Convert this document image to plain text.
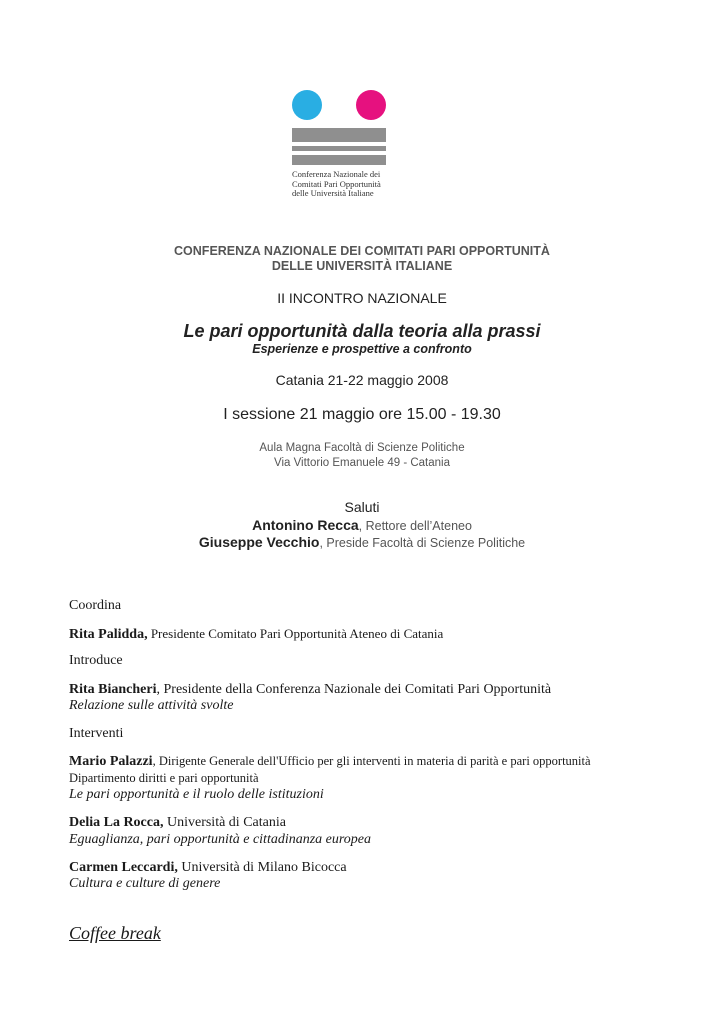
Conferenza Nazionale dei
Comitati Pari Opportunità
delle Università Italiane
CONFERENZA NAZIONALE DEI COMITATI PARI OPPORTUNITÀ
DELLE UNIVERSITÀ ITALIANE
II INCONTRO NAZIONALE
Le pari opportunità dalla teoria alla prassi
Esperienze e prospettive a confronto
Catania 21-22 maggio 2008
I sessione 21 maggio ore 15.00 - 19.30
Aula Magna Facoltà di Scienze Politiche
Via Vittorio Emanuele 49 - Catania
Saluti
Antonino Recca, Rettore dell’Ateneo
Giuseppe Vecchio, Preside Facoltà di Scienze Politiche
Coordina
Rita Palidda, Presidente Comitato Pari Opportunità Ateneo di Catania
Introduce
Rita Biancheri, Presidente della Conferenza Nazionale dei Comitati Pari Opportunità
Relazione sulle attività svolte
Interventi
Mario Palazzi, Dirigente Generale dell'Ufficio per gli interventi in materia di parità e pari opportunità
Dipartimento diritti e pari opportunità
Le pari opportunità e il ruolo delle istituzioni
Delia La Rocca, Università di Catania
Eguaglianza, pari opportunità e cittadinanza europea
Carmen Leccardi, Università di Milano Bicocca
Cultura e culture di genere
Coffee break
